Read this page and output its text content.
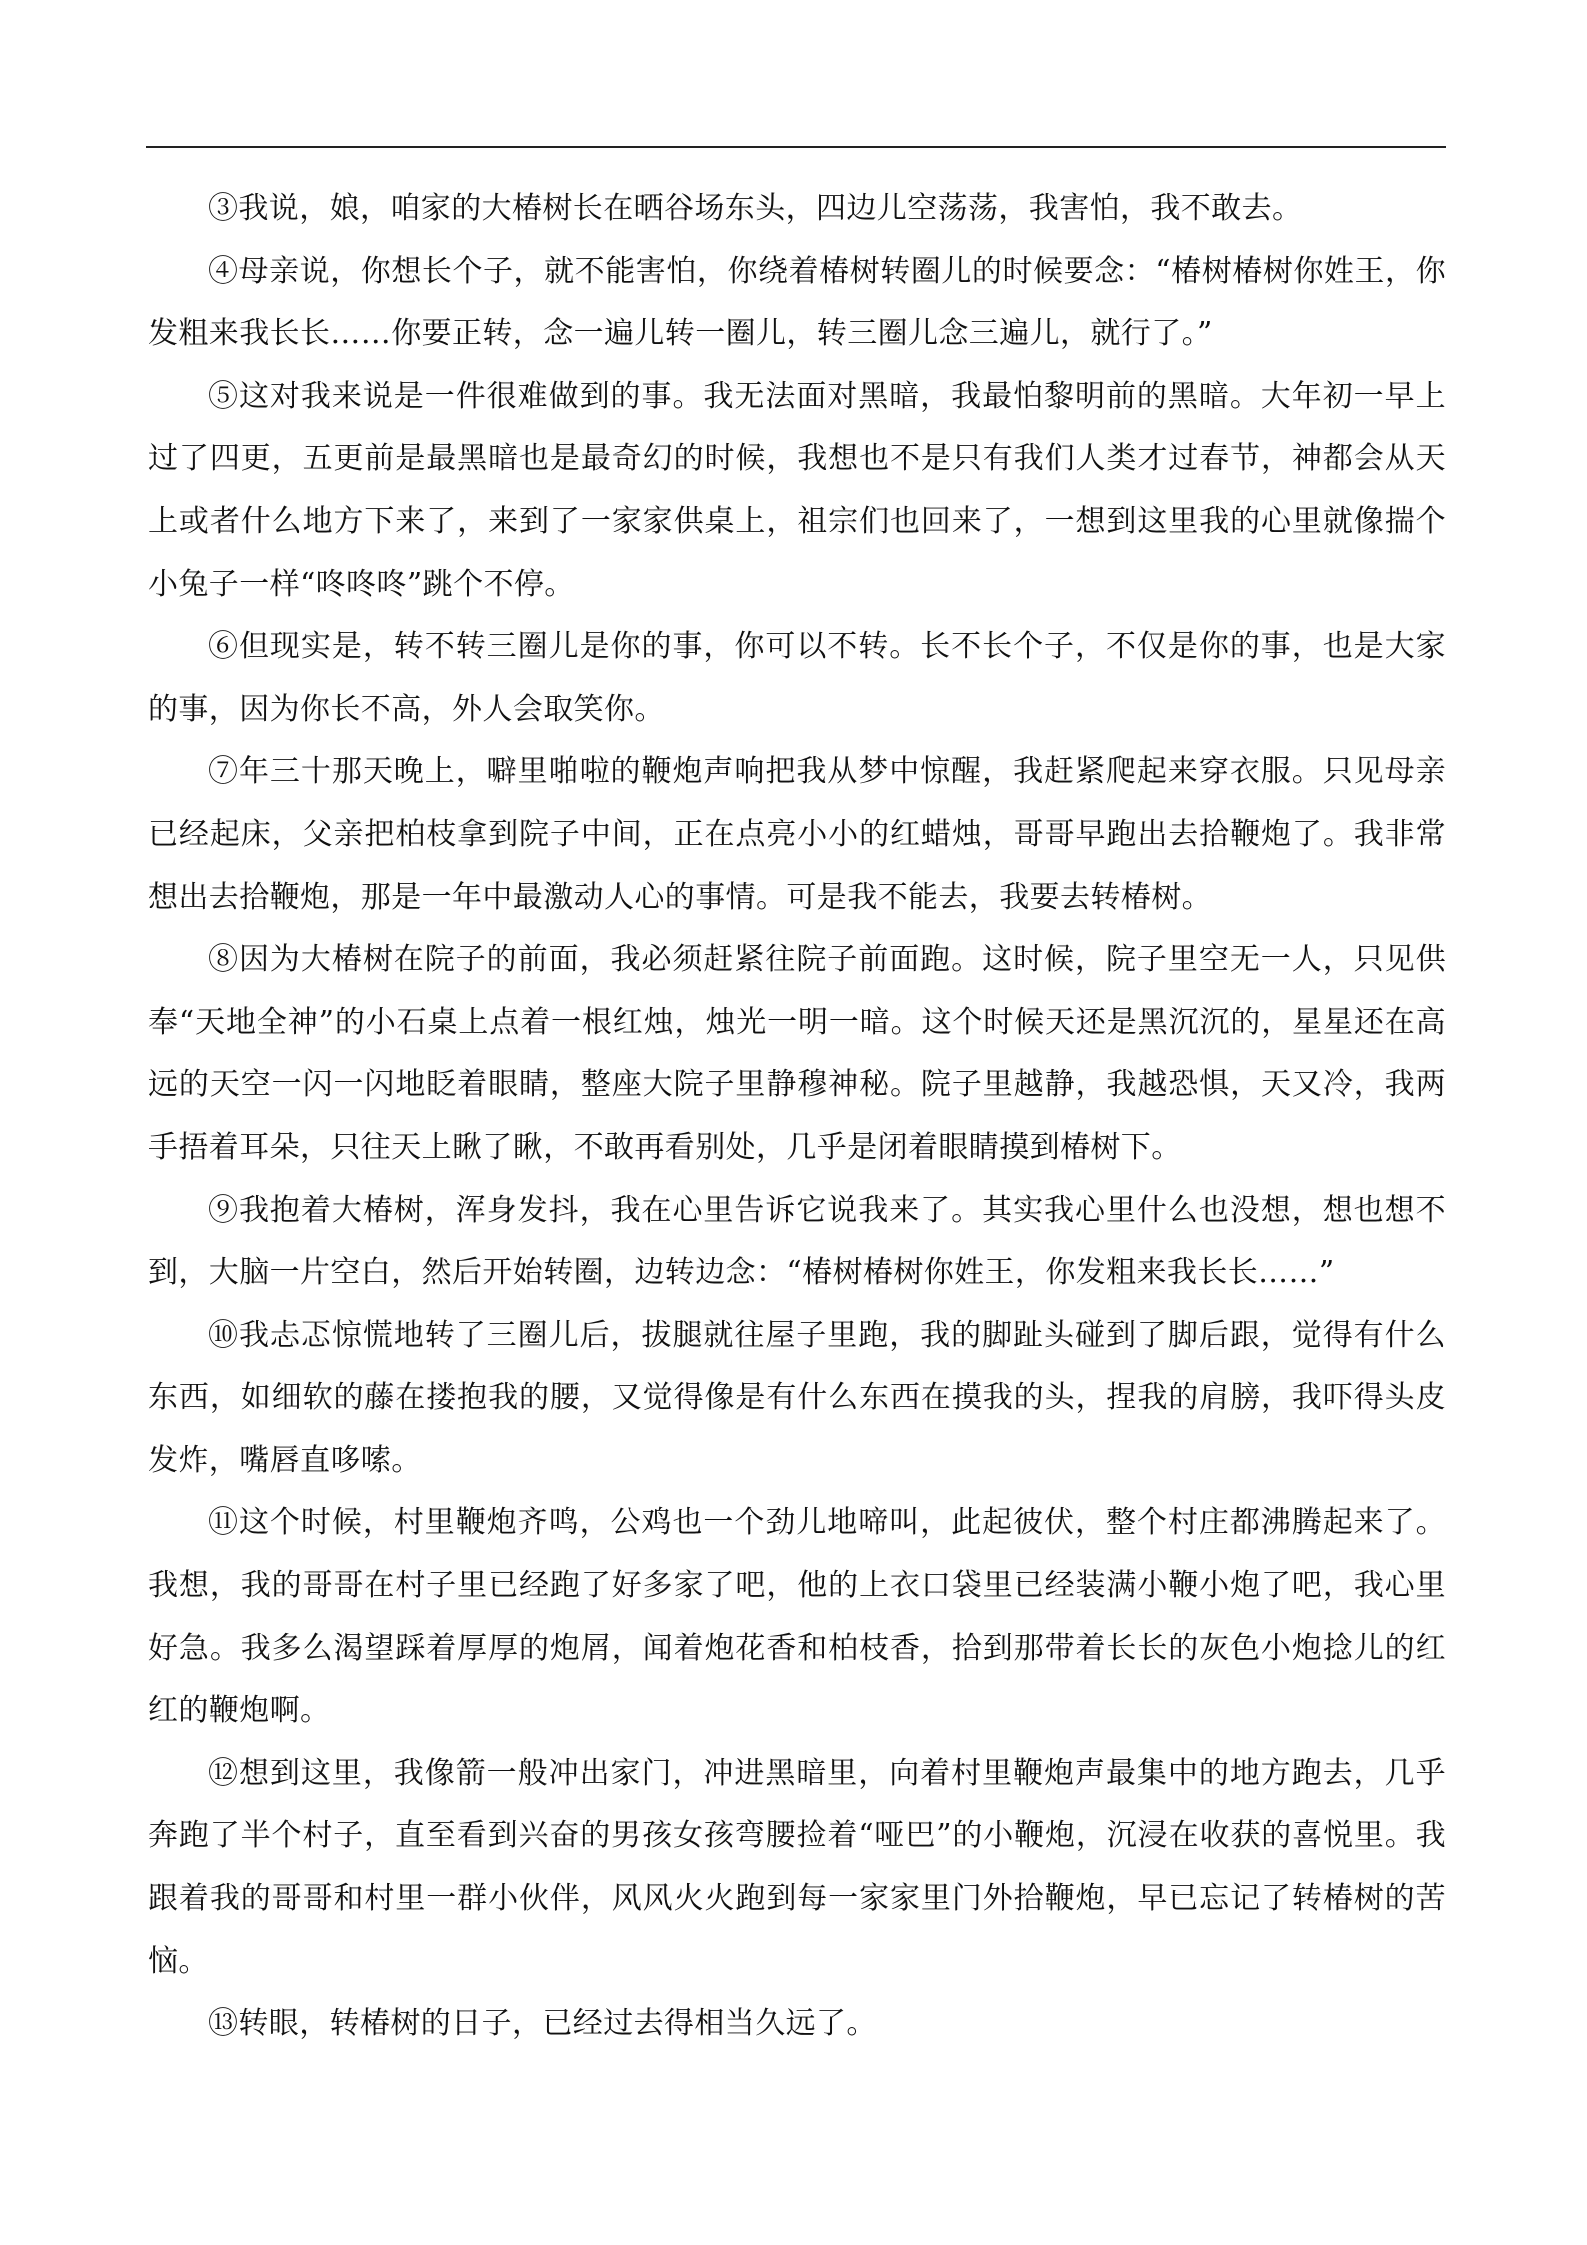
③我说，娘，咱家的大椿树长在晒谷场东头，四边儿空荡荡，我害怕，我不敢去。

④母亲说，你想长个子，就不能害怕，你绕着椿树转圈儿的时候要念：“椿树椿树你姓王，你发粗来我长长……你要正转，念一遍儿转一圈儿，转三圈儿念三遍儿，就行了。”

⑤这对我来说是一件很难做到的事。我无法面对黑暗，我最怕黎明前的黑暗。大年初一早上过了四更，五更前是最黑暗也是最奇幻的时候，我想也不是只有我们人类才过春节，神都会从天上或者什么地方下来了，来到了一家家供桌上，祖宗们也回来了，一想到这里我的心里就像揣个小兔子一样“咚咚咚”跳个不停。

⑥但现实是，转不转三圈儿是你的事，你可以不转。长不长个子，不仅是你的事，也是大家的事，因为你长不高，外人会取笑你。

⑦年三十那天晚上，噼里啪啦的鞭炮声响把我从梦中惊醒，我赶紧爬起来穿衣服。只见母亲已经起床，父亲把柏枝拿到院子中间，正在点亮小小的红蜡烛，哥哥早跑出去拾鞭炮了。我非常想出去拾鞭炮，那是一年中最激动人心的事情。可是我不能去，我要去转椿树。

⑧因为大椿树在院子的前面，我必须赶紧往院子前面跑。这时候，院子里空无一人，只见供奉“天地全神”的小石桌上点着一根红烛，烛光一明一暗。这个时候天还是黑沉沉的，星星还在高远的天空一闪一闪地眨着眼睛，整座大院子里静穆神秘。院子里越静，我越恐惧，天又冷，我两手捂着耳朵，只往天上瞅了瞅，不敢再看别处，几乎是闭着眼睛摸到椿树下。

⑨我抱着大椿树，浑身发抖，我在心里告诉它说我来了。其实我心里什么也没想，想也想不到，大脑一片空白，然后开始转圈，边转边念：“椿树椿树你姓王，你发粗来我长长……”

⑩我忐忑惊慌地转了三圈儿后，拔腿就往屋子里跑，我的脚趾头碰到了脚后跟，觉得有什么东西，如细软的藤在搂抱我的腰，又觉得像是有什么东西在摸我的头，捏我的肩膀，我吓得头皮发炸，嘴唇直哆嗦。

⑪这个时候，村里鞭炮齐鸣，公鸡也一个劲儿地啼叫，此起彼伏，整个村庄都沸腾起来了。我想，我的哥哥在村子里已经跑了好多家了吧，他的上衣口袋里已经装满小鞭小炮了吧，我心里好急。我多么渴望踩着厚厚的炮屑，闻着炮花香和柏枝香，拾到那带着长长的灰色小炮捻儿的红红的鞭炮啊。

⑫想到这里，我像箭一般冲出家门，冲进黑暗里，向着村里鞭炮声最集中的地方跑去，几乎奔跑了半个村子，直至看到兴奋的男孩女孩弯腰捡着“哑巴”的小鞭炮，沉浸在收获的喜悦里。我跟着我的哥哥和村里一群小伙伴，风风火火跑到每一家家里门外拾鞭炮，早已忘记了转椿树的苦恼。

⑬转眼，转椿树的日子，已经过去得相当久远了。
